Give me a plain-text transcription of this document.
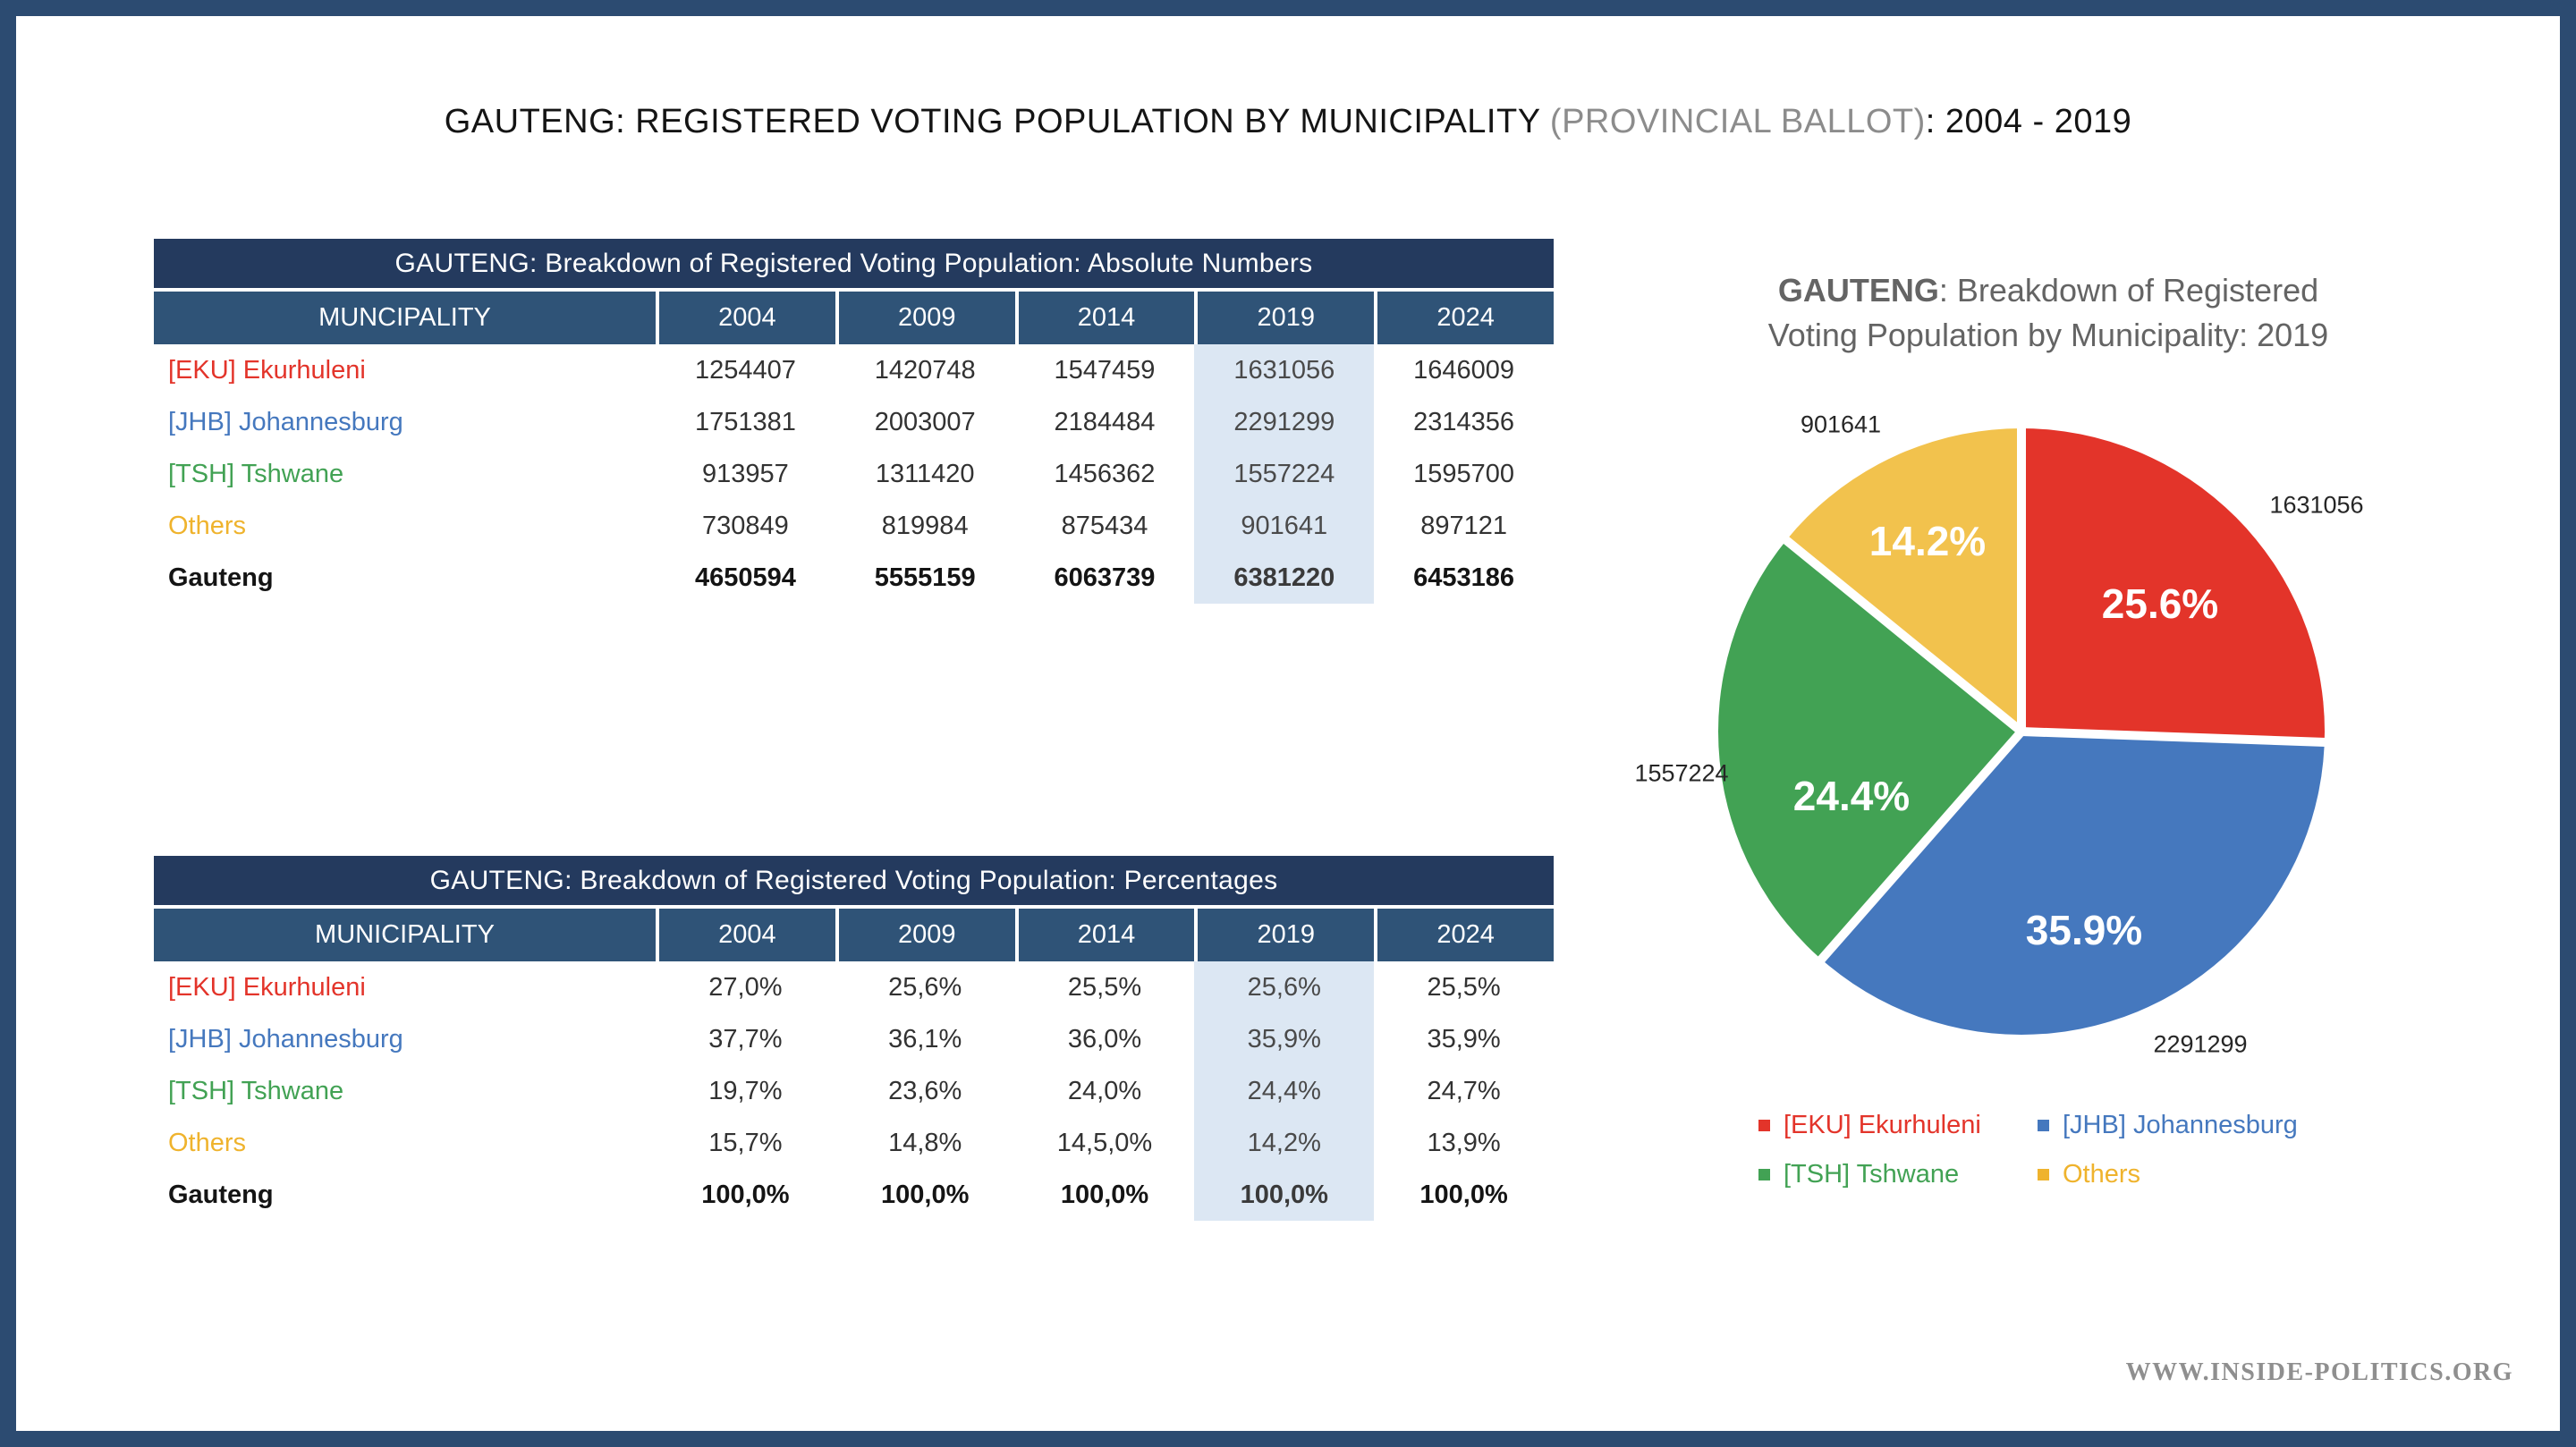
GAUTENG: REGISTERED VOTING POPULATION BY MUNICIPALITY (PROVINCIAL BALLOT): 2004 - 2019
GAUTENG: Breakdown of Registered Voting Population: Absolute Numbers
MUNCIPALITY	2004	2009	2014	2019	2024
[EKU] Ekurhuleni	1254407	1420748	1547459	1631056	1646009
[JHB] Johannesburg	1751381	2003007	2184484	2291299	2314356
[TSH] Tshwane	913957	1311420	1456362	1557224	1595700
Others	730849	819984	875434	901641	897121
Gauteng	4650594	5555159	6063739	6381220	6453186
GAUTENG: Breakdown of Registered Voting Population: Percentages
MUNICIPALITY	2004	2009	2014	2019	2024
[EKU] Ekurhuleni	27,0%	25,6%	25,5%	25,6%	25,5%
[JHB] Johannesburg	37,7%	36,1%	36,0%	35,9%	35,9%
[TSH] Tshwane	19,7%	23,6%	24,0%	24,4%	24,7%
Others	15,7%	14,8%	14,5,0%	14,2%	13,9%
Gauteng	100,0%	100,0%	100,0%	100,0%	100,0%
GAUTENG: Breakdown of Registered
Voting Population by Municipality: 2019
25.6%
35.9%
24.4%
14.2%
1631056
2291299
1557224
901641
[EKU] Ekurhuleni	[JHB] Johannesburg
[TSH] Tshwane	Others
WWW.INSIDE-POLITICS.ORG
